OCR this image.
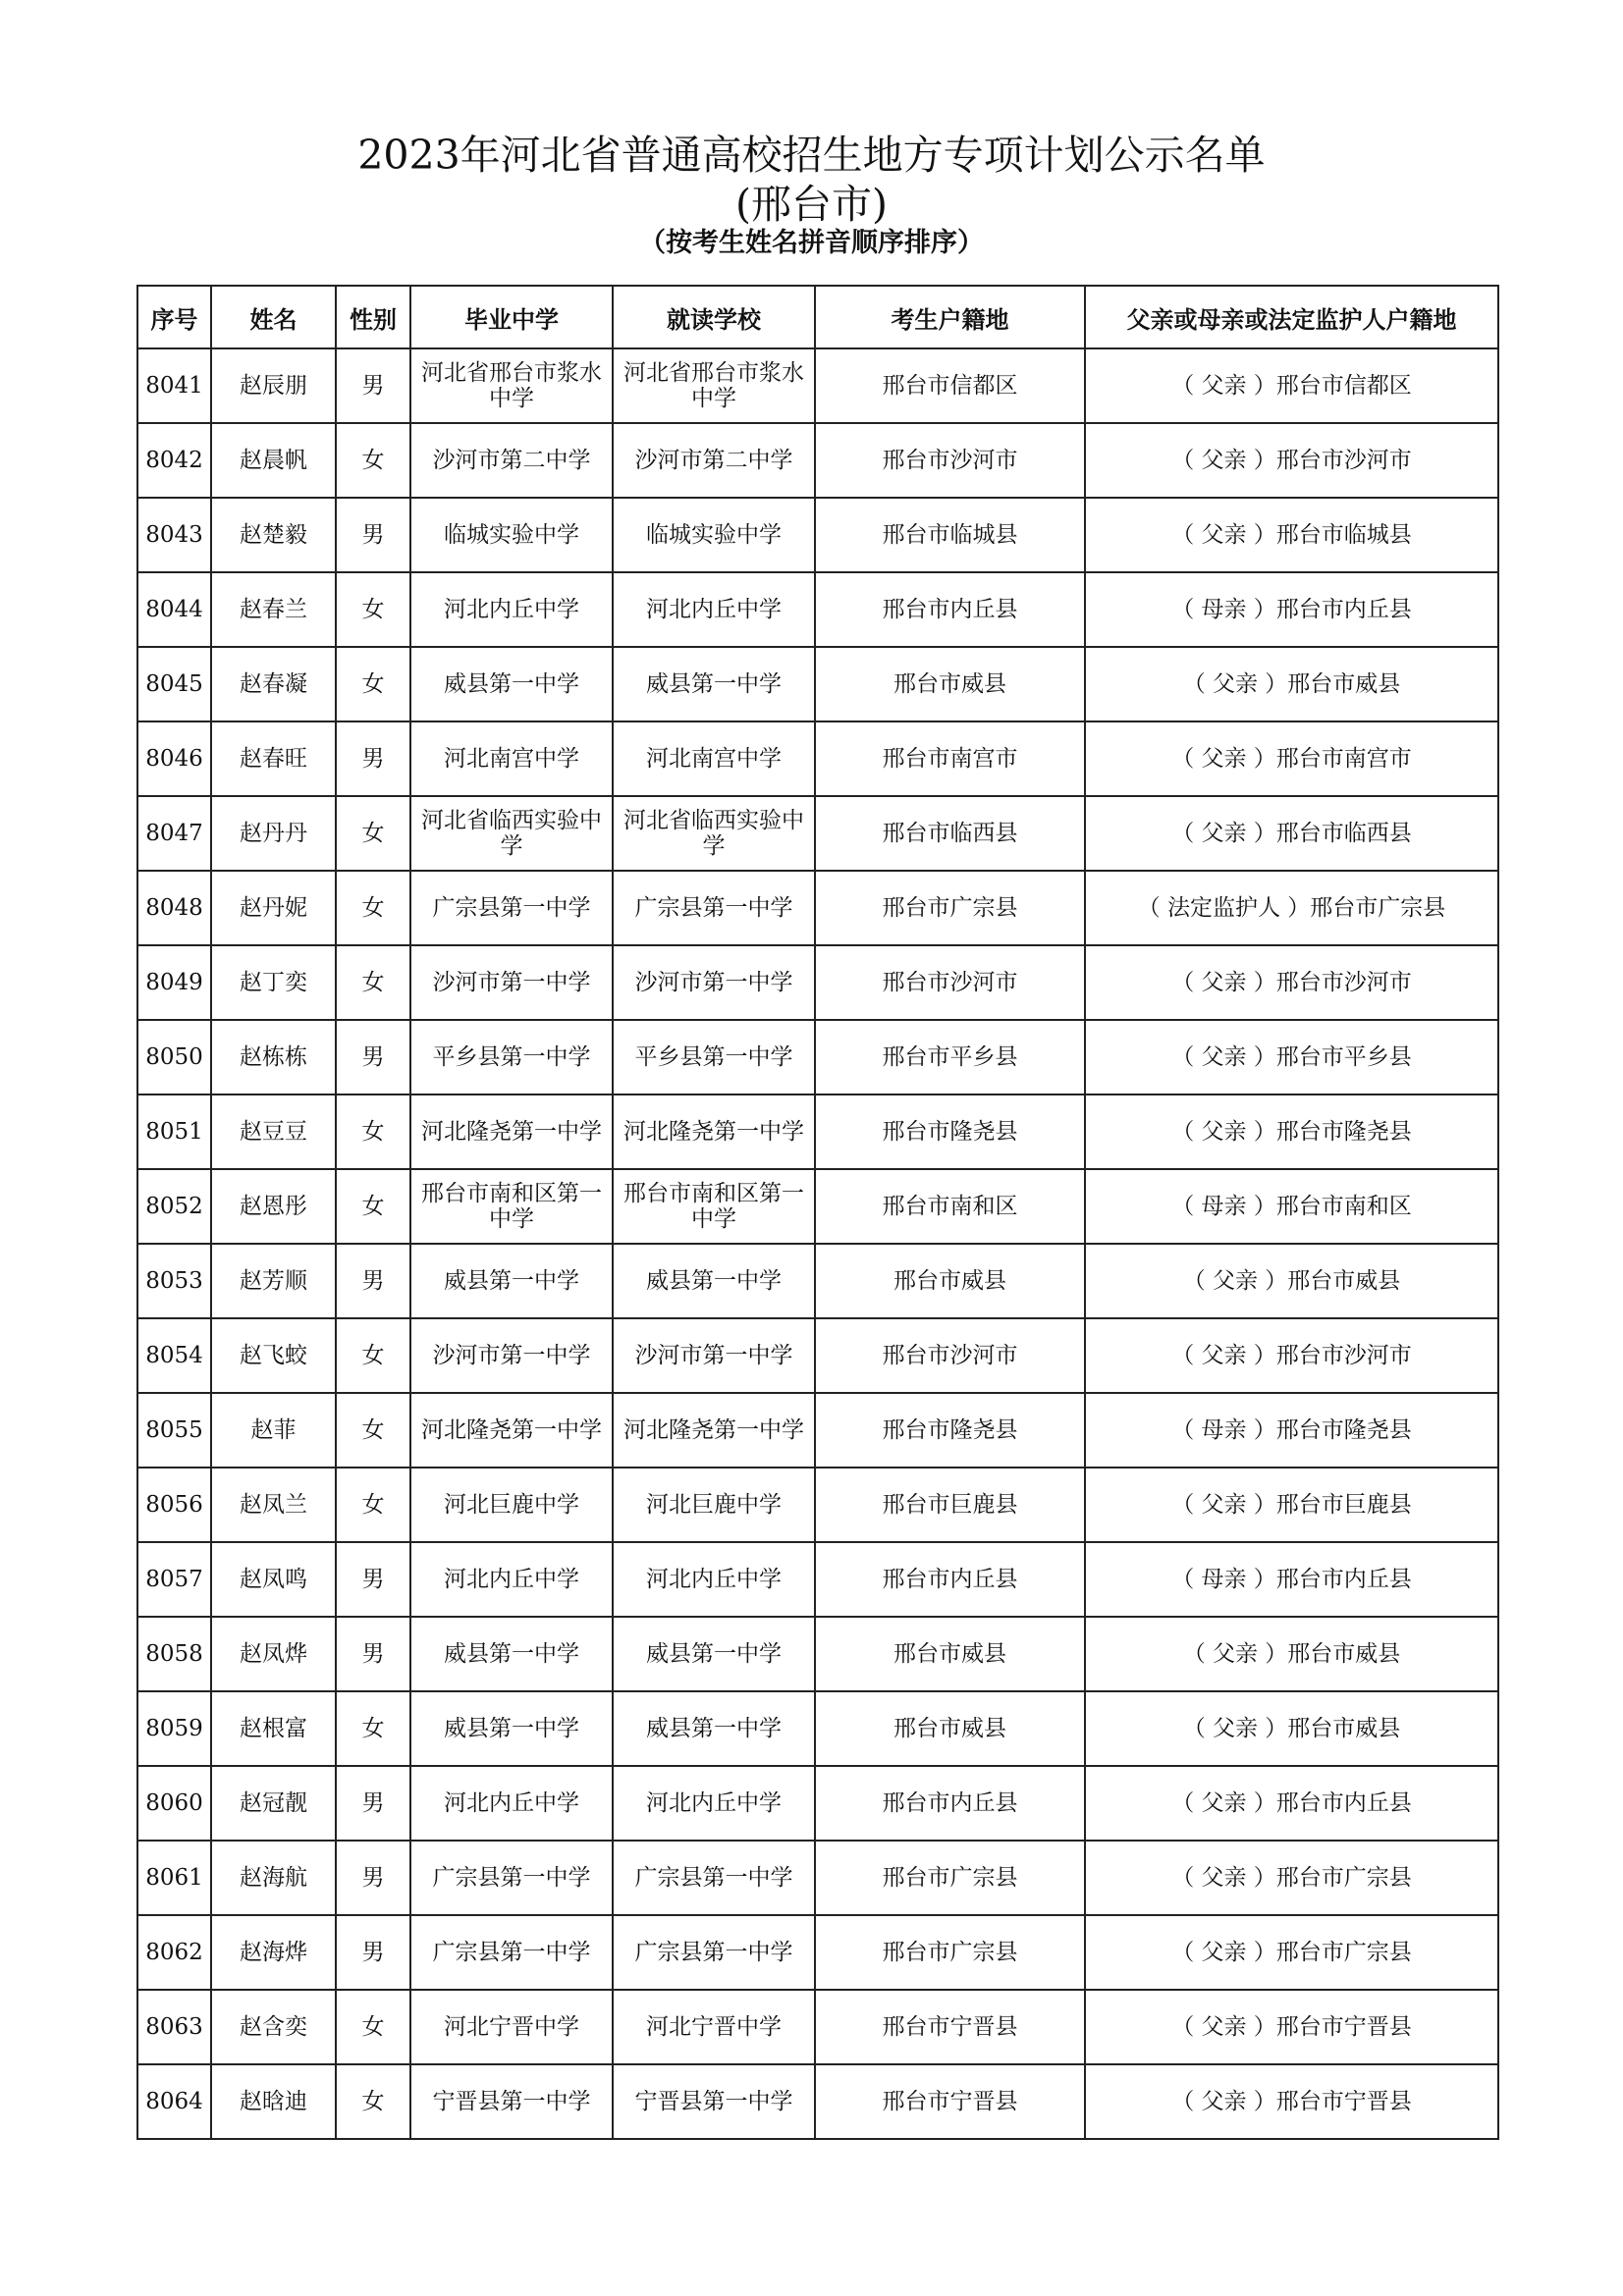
2023年河北省普通高校招生地方专项计划公示名单
(邢台市)
（按考生姓名拼音顺序排序）
序号	姓名	性别	毕业中学	就读学校	考生户籍地	父亲或母亲或法定监护人户籍地
8041	赵辰朋	男	河北省邢台市浆水中学	河北省邢台市浆水中学	邢台市信都区	（ 父亲 ）邢台市信都区
8042	赵晨帆	女	沙河市第二中学	沙河市第二中学	邢台市沙河市	（ 父亲 ）邢台市沙河市
8043	赵楚毅	男	临城实验中学	临城实验中学	邢台市临城县	（ 父亲 ）邢台市临城县
8044	赵春兰	女	河北内丘中学	河北内丘中学	邢台市内丘县	（ 母亲 ）邢台市内丘县
8045	赵春凝	女	威县第一中学	威县第一中学	邢台市威县	（ 父亲 ）邢台市威县
8046	赵春旺	男	河北南宫中学	河北南宫中学	邢台市南宫市	（ 父亲 ）邢台市南宫市
8047	赵丹丹	女	河北省临西实验中学	河北省临西实验中学	邢台市临西县	（ 父亲 ）邢台市临西县
8048	赵丹妮	女	广宗县第一中学	广宗县第一中学	邢台市广宗县	（ 法定监护人 ）邢台市广宗县
8049	赵丁奕	女	沙河市第一中学	沙河市第一中学	邢台市沙河市	（ 父亲 ）邢台市沙河市
8050	赵栋栋	男	平乡县第一中学	平乡县第一中学	邢台市平乡县	（ 父亲 ）邢台市平乡县
8051	赵豆豆	女	河北隆尧第一中学	河北隆尧第一中学	邢台市隆尧县	（ 父亲 ）邢台市隆尧县
8052	赵恩彤	女	邢台市南和区第一中学	邢台市南和区第一中学	邢台市南和区	（ 母亲 ）邢台市南和区
8053	赵芳顺	男	威县第一中学	威县第一中学	邢台市威县	（ 父亲 ）邢台市威县
8054	赵飞蛟	女	沙河市第一中学	沙河市第一中学	邢台市沙河市	（ 父亲 ）邢台市沙河市
8055	赵菲	女	河北隆尧第一中学	河北隆尧第一中学	邢台市隆尧县	（ 母亲 ）邢台市隆尧县
8056	赵凤兰	女	河北巨鹿中学	河北巨鹿中学	邢台市巨鹿县	（ 父亲 ）邢台市巨鹿县
8057	赵凤鸣	男	河北内丘中学	河北内丘中学	邢台市内丘县	（ 母亲 ）邢台市内丘县
8058	赵凤烨	男	威县第一中学	威县第一中学	邢台市威县	（ 父亲 ）邢台市威县
8059	赵根富	女	威县第一中学	威县第一中学	邢台市威县	（ 父亲 ）邢台市威县
8060	赵冠靓	男	河北内丘中学	河北内丘中学	邢台市内丘县	（ 父亲 ）邢台市内丘县
8061	赵海航	男	广宗县第一中学	广宗县第一中学	邢台市广宗县	（ 父亲 ）邢台市广宗县
8062	赵海烨	男	广宗县第一中学	广宗县第一中学	邢台市广宗县	（ 父亲 ）邢台市广宗县
8063	赵含奕	女	河北宁晋中学	河北宁晋中学	邢台市宁晋县	（ 父亲 ）邢台市宁晋县
8064	赵晗迪	女	宁晋县第一中学	宁晋县第一中学	邢台市宁晋县	（ 父亲 ）邢台市宁晋县
